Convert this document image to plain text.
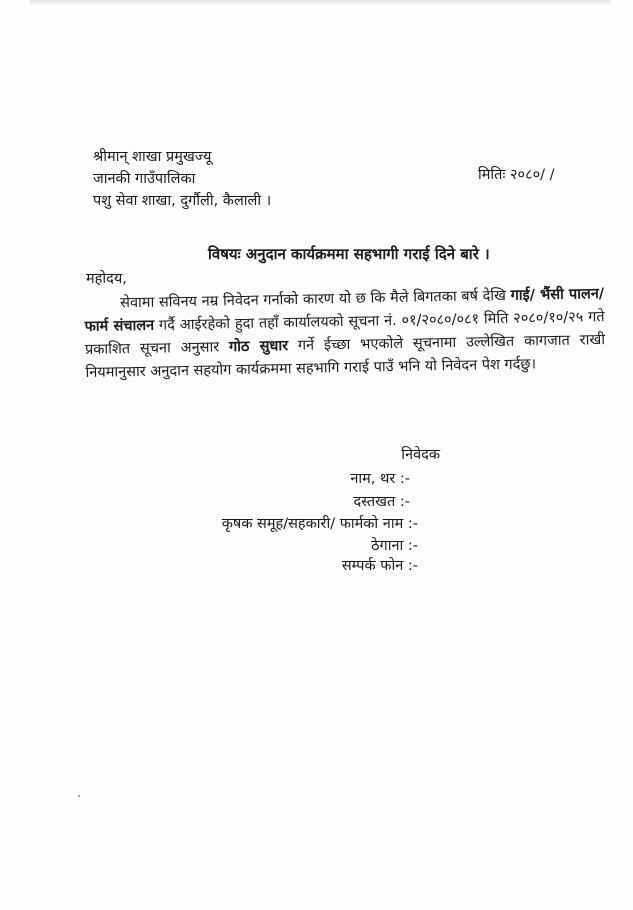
श्रीमान् शाखा प्रमुखज्यू
जानकी गाउँपालिका
पशु सेवा शाखा, दुर्गौली, कैलाली ।
मितिः २०८०/ /
विषयः अनुदान कार्यक्रममा सहभागी गराई दिने बारे ।
महोदय,
सेवामा सविनय नम्र निवेदन गर्नाको कारण यो छ कि मैले बिगतका बर्ष देखि गाई/ भैंसी पालन/फार्म संचालन गर्दै आईरहेको हुदा तहाँ कार्यालयको सूचना नं. ०१/२०८०/०८१ मिति २०८०/१०/२५ गते प्रकाशित सूचना अनुसार गोठ सुधार गर्ने ईच्छा भएकोले सूचनामा उल्लेखित कागजात राखी नियमानुसार अनुदान सहयोग कार्यक्रममा सहभागि गराई पाउँ भनि यो निवेदन पेश गर्दछु।
निवेदक
नाम, थर :-
दस्तखत :-
कृषक समूह/सहकारी/ फार्मको नाम :-
ठेगाना :-
सम्पर्क फोन :-
